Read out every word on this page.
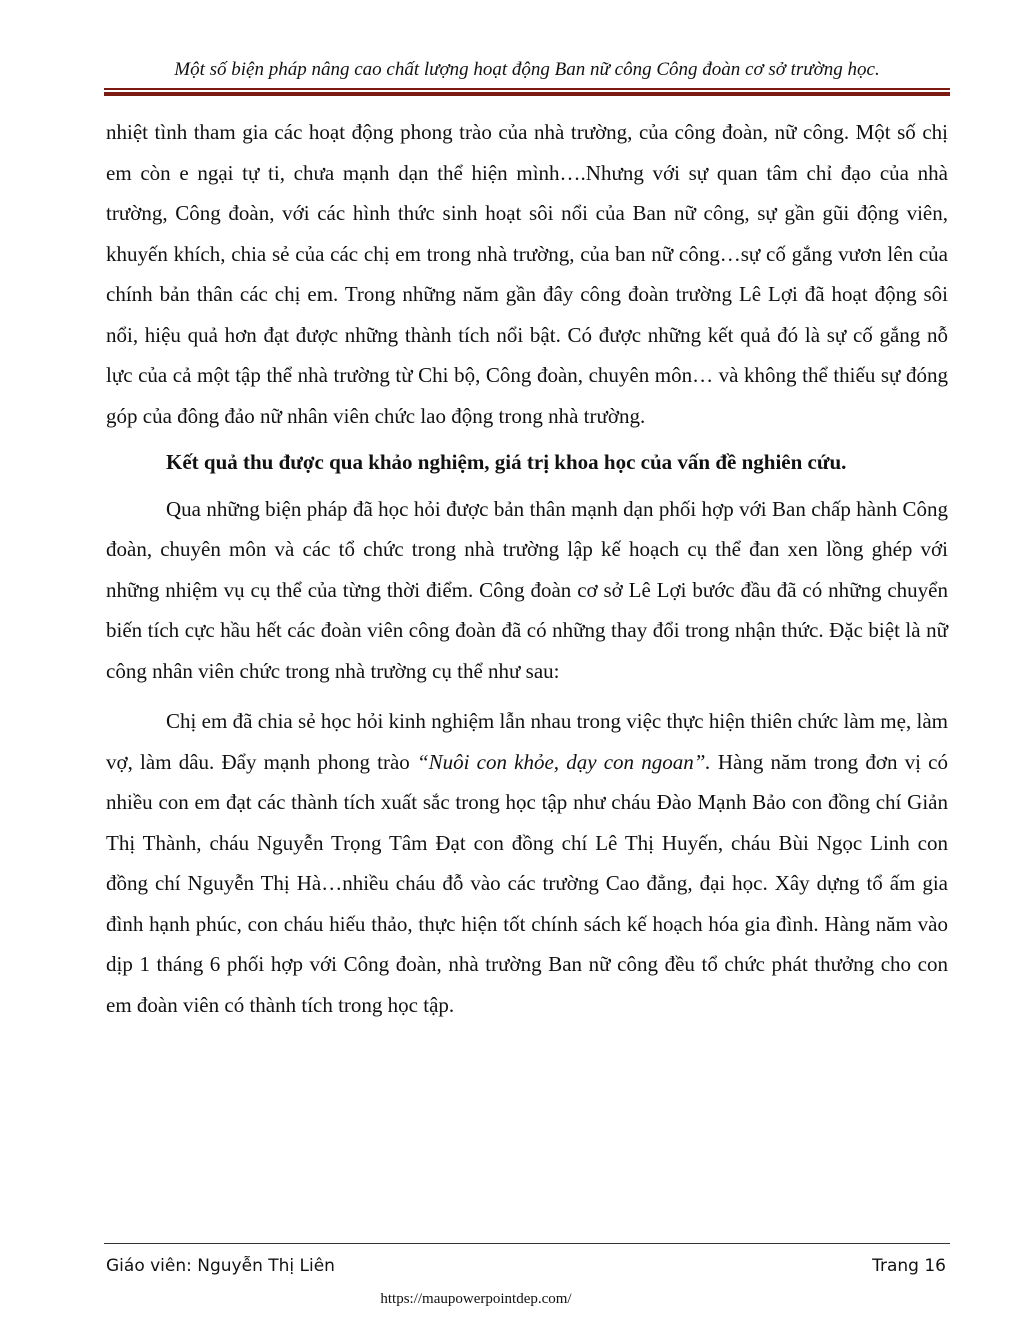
Một số biện pháp nâng cao chất lượng hoạt động Ban nữ công Công đoàn cơ sở trường học.

nhiệt tình tham gia các hoạt động phong trào của nhà trường, của công đoàn, nữ công. Một số chị em còn e ngại tự ti, chưa mạnh dạn thể hiện mình….Nhưng với sự quan tâm chỉ đạo của nhà trường, Công đoàn, với các hình thức sinh hoạt sôi nổi của Ban nữ công, sự gần gũi động viên, khuyến khích, chia sẻ của các chị em trong nhà trường, của ban nữ công…sự cố gắng vươn lên của chính bản thân các chị em. Trong những năm gần đây công đoàn trường Lê Lợi đã hoạt động sôi nổi, hiệu quả hơn đạt được những thành tích nổi bật. Có được những kết quả đó là sự cố gắng nỗ lực của cả một tập thể nhà trường từ Chi bộ, Công đoàn, chuyên môn… và không thể thiếu sự đóng góp của đông đảo nữ nhân viên chức lao động trong nhà trường.

Kết quả thu được qua khảo nghiệm, giá trị khoa học của vấn đề nghiên cứu.

Qua những biện pháp đã học hỏi được bản thân mạnh dạn phối hợp với Ban chấp hành Công đoàn, chuyên môn và các tổ chức trong nhà trường lập kế hoạch cụ thể đan xen lồng ghép với những nhiệm vụ cụ thể của từng thời điểm. Công đoàn cơ sở Lê Lợi bước đầu đã có những chuyển biến tích cực hầu hết các đoàn viên công đoàn đã có những thay đổi trong nhận thức. Đặc biệt là nữ công nhân viên chức trong nhà trường cụ thể như sau:

Chị em đã chia sẻ học hỏi kinh nghiệm lẫn nhau trong việc thực hiện thiên chức làm mẹ, làm vợ, làm dâu. Đẩy mạnh phong trào “Nuôi con khỏe, dạy con ngoan”. Hàng năm trong đơn vị có nhiều con em đạt các thành tích xuất sắc trong học tập như cháu Đào Mạnh Bảo con đồng chí Giản Thị Thành, cháu Nguyễn Trọng Tâm Đạt con đồng chí Lê Thị Huyến, cháu Bùi Ngọc Linh con đồng chí Nguyễn Thị Hà…nhiều cháu đỗ vào các trường Cao đẳng, đại học. Xây dựng tổ ấm gia đình hạnh phúc, con cháu hiếu thảo, thực hiện tốt chính sách kế hoạch hóa gia đình. Hàng năm vào dịp 1 tháng 6 phối hợp với Công đoàn, nhà trường Ban nữ công đều tổ chức phát thưởng cho con em đoàn viên có thành tích trong học tập.

Giáo viên: Nguyễn Thị Liên	Trang 16
https://maupowerpointdep.com/
